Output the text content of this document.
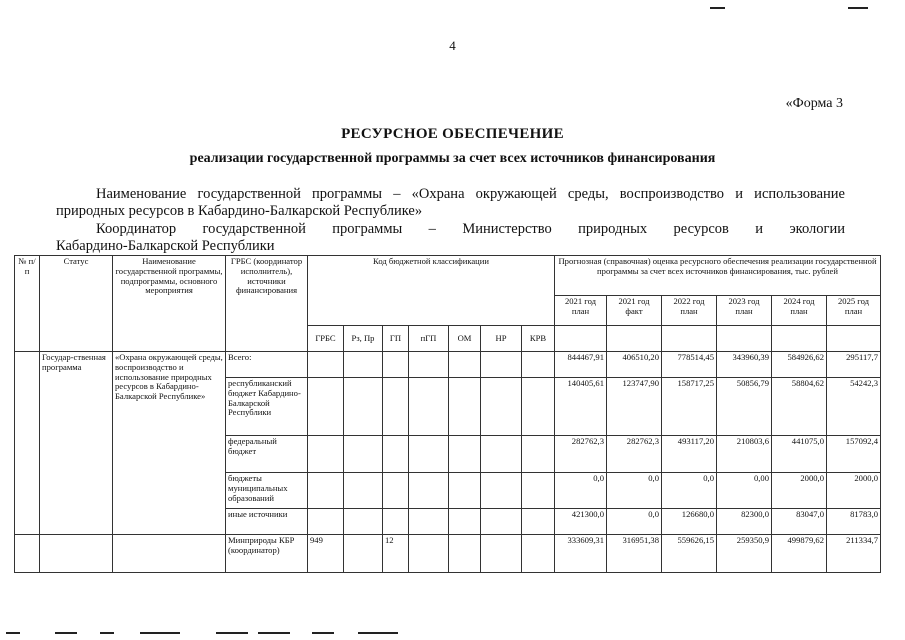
4
«Форма 3
РЕСУРСНОЕ ОБЕСПЕЧЕНИЕ
реализации государственной программы за счет всех источников финансирования
Наименование государственной программы – «Охрана окружающей среды, воспроизводство и использование природных ресурсов в Кабардино-Балкарской Республике»
Координатор государственной программы – Министерство природных ресурсов и экологии
Кабардино-Балкарской Республики
№ п/п	Статус	Наименование государственной программы, подпрограммы, основного мероприятия	ГРБС (координатор исполнитель), источники финансирования	Код бюджетной классификации							Прогнозная (справочная) оценка ресурсного обеспечения реализации государственной программы за счет всех источников финансирования, тыс. рублей					
											2021 год план	2021 год факт	2022 год план	2023 год план	2024 год план	2025 год план
				ГРБС	Рз, Пр	ГП	пГП	ОМ	НР	КРВ						
	Государ-ственная программа	«Охрана окружающей среды, воспроизводство и использование природных ресурсов в Кабардино-Балкарской Республике»	Всего:								844467,91	406510,20	778514,45	343960,39	584926,62	295117,7
			республиканский бюджет Кабардино-Балкарской Республики								140405,61	123747,90	158717,25	50856,79	58804,62	54242,3
			федеральный бюджет								282762,3	282762,3	493117,20	210803,6	441075,0	157092,4
			бюджеты муниципальных образований								0,0	0,0	0,0	0,00	2000,0	2000,0
			иные источники								421300,0	0,0	126680,0	82300,0	83047,0	81783,0
			Минприроды КБР (координатор)	949		12					333609,31	316951,38	559626,15	259350,9	499879,62	211334,7
